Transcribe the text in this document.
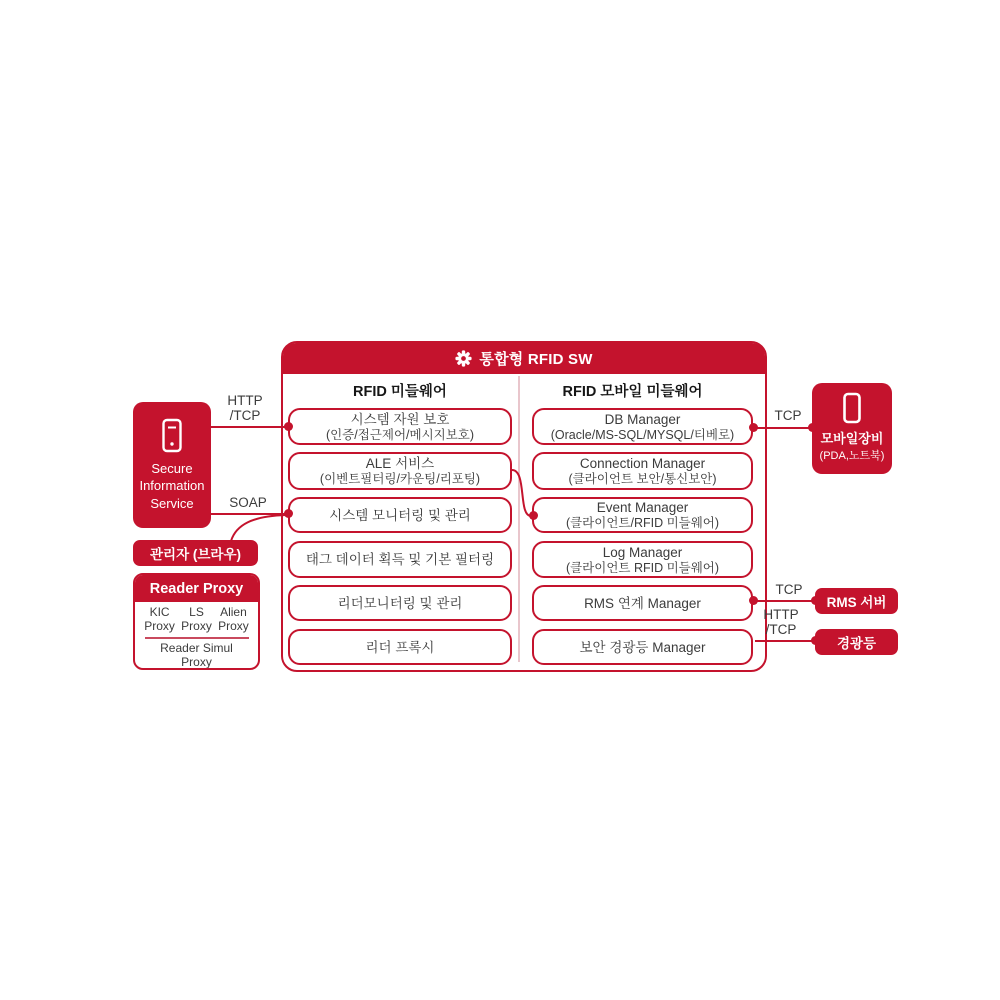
통합형 RFID SW
RFID 미들웨어	RFID 모바일 미들웨어
시스템 자원 보호
(인증/접근제어/메시지보호)
ALE 서비스
(이벤트필터링/카운팅/리포팅)
시스템 모니터링 및 관리
태그 데이터 획득 및 기본 필터링
리더모니터링 및 관리
리더 프록시
DB Manager
(Oracle/MS-SQL/MYSQL/티베로)
Connection Manager
(클라이언트 보안/통신보안)
Event Manager
(클라이언트/RFID 미들웨어)
Log Manager
(클라이언트 RFID 미들웨어)
RMS 연계 Manager
보안 경광등 Manager
Secure
Information
Service
관리자 (브라우)
Reader Proxy
KIC
Proxy
LS
Proxy
Alien
Proxy
Reader Simul
Proxy
모바일장비
(PDA,노트북)
RMS 서버
경광등
HTTP
/TCP
SOAP
TCP
TCP
HTTP
/TCP
